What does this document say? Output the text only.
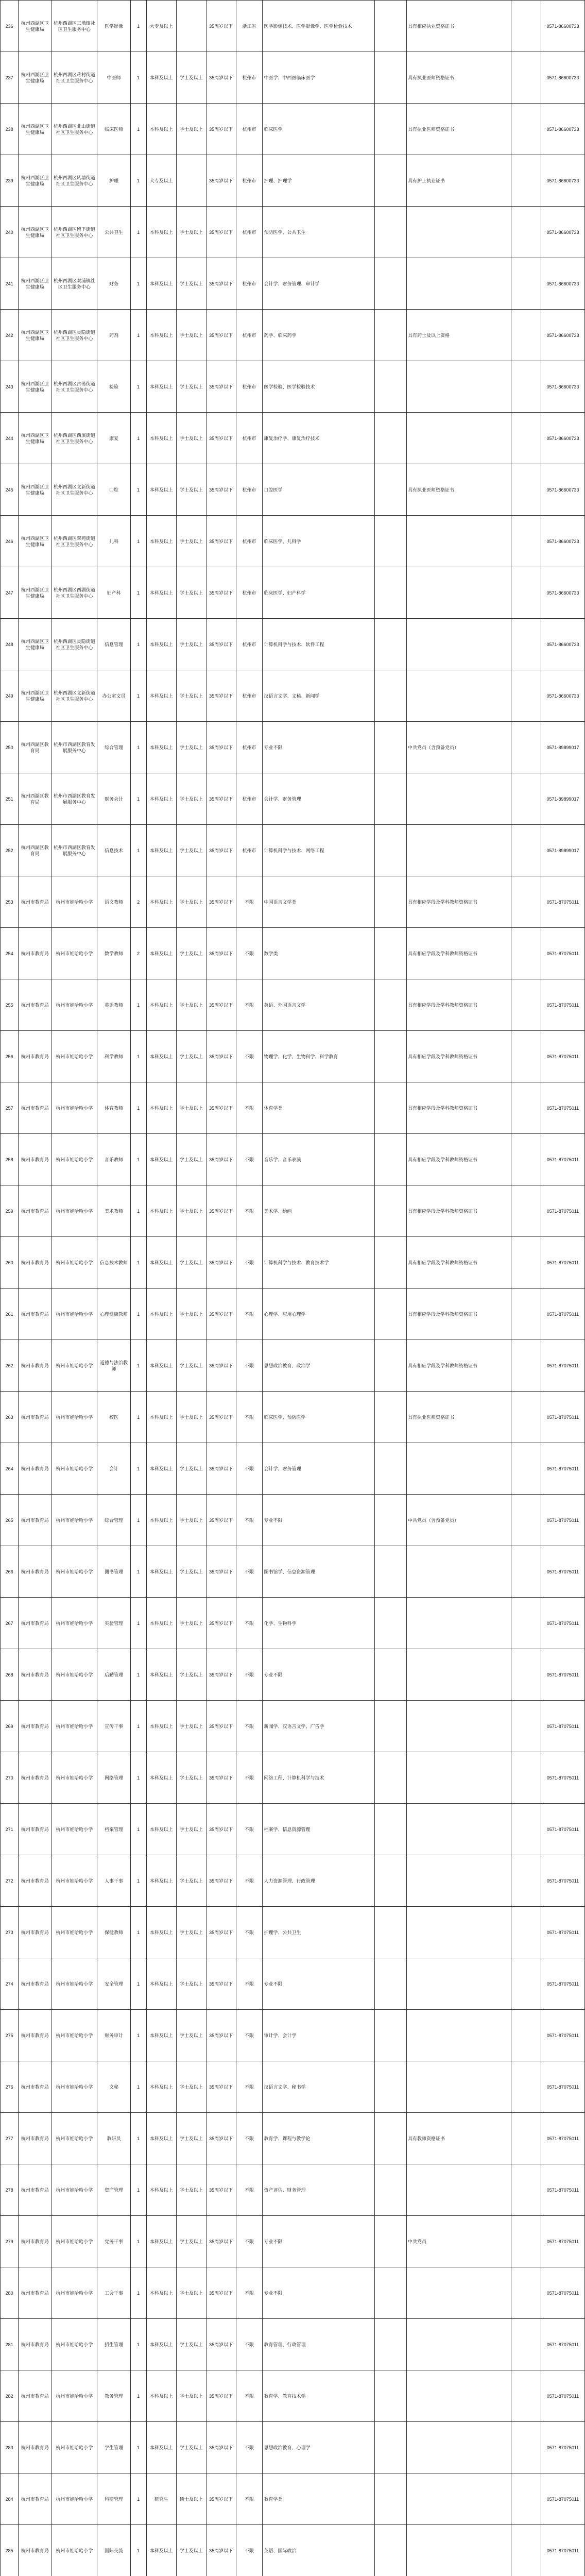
236	杭州西湖区卫生健康局	杭州西湖区三墩镇社区卫生服务中心	医学影像	1	大专及以上		35周岁以下	浙江省	医学影像技术、医学影像学、医学检验技术		具有相应执业资格证书		0571-86600733
237	杭州西湖区卫生健康局	杭州西湖区蒋村街道社区卫生服务中心	中医师	1	本科及以上	学士及以上	35周岁以下	杭州市	中医学、中西医临床医学		具有执业医师资格证书		0571-86600733
238	杭州西湖区卫生健康局	杭州西湖区北山街道社区卫生服务中心	临床医师	1	本科及以上	学士及以上	35周岁以下	杭州市	临床医学		具有执业医师资格证书		0571-86600733
239	杭州西湖区卫生健康局	杭州西湖区转塘街道社区卫生服务中心	护理	1	大专及以上		35周岁以下	杭州市	护理、护理学		具有护士执业证书		0571-86600733
240	杭州西湖区卫生健康局	杭州西湖区留下街道社区卫生服务中心	公共卫生	1	本科及以上	学士及以上	35周岁以下	杭州市	预防医学、公共卫生				0571-86600733
241	杭州西湖区卫生健康局	杭州西湖区双浦镇社区卫生服务中心	财务	1	本科及以上	学士及以上	35周岁以下	杭州市	会计学、财务管理、审计学				0571-86600733
242	杭州西湖区卫生健康局	杭州西湖区灵隐街道社区卫生服务中心	药剂	1	本科及以上	学士及以上	35周岁以下	杭州市	药学、临床药学		具有药士及以上资格		0571-86600733
243	杭州西湖区卫生健康局	杭州西湖区古荡街道社区卫生服务中心	检验	1	本科及以上	学士及以上	35周岁以下	杭州市	医学检验、医学检验技术				0571-86600733
244	杭州西湖区卫生健康局	杭州西湖区西溪街道社区卫生服务中心	康复	1	本科及以上	学士及以上	35周岁以下	杭州市	康复治疗学、康复治疗技术				0571-86600733
245	杭州西湖区卫生健康局	杭州西湖区文新街道社区卫生服务中心	口腔	1	本科及以上	学士及以上	35周岁以下	杭州市	口腔医学		具有执业医师资格证书		0571-86600733
246	杭州西湖区卫生健康局	杭州西湖区翠苑街道社区卫生服务中心	儿科	1	本科及以上	学士及以上	35周岁以下	杭州市	临床医学、儿科学				0571-86600733
247	杭州西湖区卫生健康局	杭州西湖区西湖街道社区卫生服务中心	妇产科	1	本科及以上	学士及以上	35周岁以下	杭州市	临床医学、妇产科学				0571-86600733
248	杭州西湖区卫生健康局	杭州西湖区灵隐街道社区卫生服务中心	信息管理	1	本科及以上	学士及以上	35周岁以下	杭州市	计算机科学与技术、软件工程				0571-86600733
249	杭州西湖区卫生健康局	杭州西湖区文新街道社区卫生服务中心	办公室文员	1	本科及以上	学士及以上	35周岁以下	杭州市	汉语言文学、文秘、新闻学				0571-86600733
250	杭州西湖区教育局	杭州市西湖区教育发展服务中心	综合管理	1	本科及以上	学士及以上	35周岁以下	杭州市	专业不限		中共党员（含预备党员）		0571-89899017
251	杭州西湖区教育局	杭州市西湖区教育发展服务中心	财务会计	1	本科及以上	学士及以上	35周岁以下	杭州市	会计学、财务管理				0571-89899017
252	杭州西湖区教育局	杭州市西湖区教育发展服务中心	信息技术	1	本科及以上	学士及以上	35周岁以下	杭州市	计算机科学与技术、网络工程				0571-89899017
253	杭州市教育局	杭州市娃哈哈小学	语文教师	2	本科及以上	学士及以上	35周岁以下	不限	中国语言文学类		具有相应学段及学科教师资格证书		0571-87075011
254	杭州市教育局	杭州市娃哈哈小学	数学教师	2	本科及以上	学士及以上	35周岁以下	不限	数学类		具有相应学段及学科教师资格证书		0571-87075011
255	杭州市教育局	杭州市娃哈哈小学	英语教师	1	本科及以上	学士及以上	35周岁以下	不限	英语、外国语言文学		具有相应学段及学科教师资格证书		0571-87075011
256	杭州市教育局	杭州市娃哈哈小学	科学教师	1	本科及以上	学士及以上	35周岁以下	不限	物理学、化学、生物科学、科学教育		具有相应学段及学科教师资格证书		0571-87075011
257	杭州市教育局	杭州市娃哈哈小学	体育教师	1	本科及以上	学士及以上	35周岁以下	不限	体育学类		具有相应学段及学科教师资格证书		0571-87075011
258	杭州市教育局	杭州市娃哈哈小学	音乐教师	1	本科及以上	学士及以上	35周岁以下	不限	音乐学、音乐表演		具有相应学段及学科教师资格证书		0571-87075011
259	杭州市教育局	杭州市娃哈哈小学	美术教师	1	本科及以上	学士及以上	35周岁以下	不限	美术学、绘画		具有相应学段及学科教师资格证书		0571-87075011
260	杭州市教育局	杭州市娃哈哈小学	信息技术教师	1	本科及以上	学士及以上	35周岁以下	不限	计算机科学与技术、教育技术学		具有相应学段及学科教师资格证书		0571-87075011
261	杭州市教育局	杭州市娃哈哈小学	心理健康教师	1	本科及以上	学士及以上	35周岁以下	不限	心理学、应用心理学		具有相应学段及学科教师资格证书		0571-87075011
262	杭州市教育局	杭州市娃哈哈小学	道德与法治教师	1	本科及以上	学士及以上	35周岁以下	不限	思想政治教育、政治学		具有相应学段及学科教师资格证书		0571-87075011
263	杭州市教育局	杭州市娃哈哈小学	校医	1	本科及以上	学士及以上	35周岁以下	不限	临床医学、预防医学		具有执业医师资格证书		0571-87075011
264	杭州市教育局	杭州市娃哈哈小学	会计	1	本科及以上	学士及以上	35周岁以下	不限	会计学、财务管理				0571-87075011
265	杭州市教育局	杭州市娃哈哈小学	综合管理	1	本科及以上	学士及以上	35周岁以下	不限	专业不限		中共党员（含预备党员）		0571-87075011
266	杭州市教育局	杭州市娃哈哈小学	图书管理	1	本科及以上	学士及以上	35周岁以下	不限	图书馆学、信息资源管理				0571-87075011
267	杭州市教育局	杭州市娃哈哈小学	实验管理	1	本科及以上	学士及以上	35周岁以下	不限	化学、生物科学				0571-87075011
268	杭州市教育局	杭州市娃哈哈小学	后勤管理	1	本科及以上	学士及以上	35周岁以下	不限	专业不限				0571-87075011
269	杭州市教育局	杭州市娃哈哈小学	宣传干事	1	本科及以上	学士及以上	35周岁以下	不限	新闻学、汉语言文学、广告学				0571-87075011
270	杭州市教育局	杭州市娃哈哈小学	网络管理	1	本科及以上	学士及以上	35周岁以下	不限	网络工程、计算机科学与技术				0571-87075011
271	杭州市教育局	杭州市娃哈哈小学	档案管理	1	本科及以上	学士及以上	35周岁以下	不限	档案学、信息资源管理				0571-87075011
272	杭州市教育局	杭州市娃哈哈小学	人事干事	1	本科及以上	学士及以上	35周岁以下	不限	人力资源管理、行政管理				0571-87075011
273	杭州市教育局	杭州市娃哈哈小学	保健教师	1	本科及以上	学士及以上	35周岁以下	不限	护理学、公共卫生				0571-87075011
274	杭州市教育局	杭州市娃哈哈小学	安全管理	1	本科及以上	学士及以上	35周岁以下	不限	专业不限				0571-87075011
275	杭州市教育局	杭州市娃哈哈小学	财务审计	1	本科及以上	学士及以上	35周岁以下	不限	审计学、会计学				0571-87075011
276	杭州市教育局	杭州市娃哈哈小学	文秘	1	本科及以上	学士及以上	35周岁以下	不限	汉语言文学、秘书学				0571-87075011
277	杭州市教育局	杭州市娃哈哈小学	教研员	1	本科及以上	学士及以上	35周岁以下	不限	教育学、课程与教学论		具有教师资格证书		0571-87075011
278	杭州市教育局	杭州市娃哈哈小学	资产管理	1	本科及以上	学士及以上	35周岁以下	不限	资产评估、财务管理				0571-87075011
279	杭州市教育局	杭州市娃哈哈小学	党务干事	1	本科及以上	学士及以上	35周岁以下	不限	专业不限		中共党员		0571-87075011
280	杭州市教育局	杭州市娃哈哈小学	工会干事	1	本科及以上	学士及以上	35周岁以下	不限	专业不限				0571-87075011
281	杭州市教育局	杭州市娃哈哈小学	招生管理	1	本科及以上	学士及以上	35周岁以下	不限	教育管理、行政管理				0571-87075011
282	杭州市教育局	杭州市娃哈哈小学	教务管理	1	本科及以上	学士及以上	35周岁以下	不限	教育学、教育技术学				0571-87075011
283	杭州市教育局	杭州市娃哈哈小学	学生管理	1	本科及以上	学士及以上	35周岁以下	不限	思想政治教育、心理学				0571-87075011
284	杭州市教育局	杭州市娃哈哈小学	科研管理	1	研究生	硕士及以上	35周岁以下	不限	教育学类				0571-87075011
285	杭州市教育局	杭州市娃哈哈小学	国际交流	1	本科及以上	学士及以上	35周岁以下	不限	英语、国际政治				0571-87075011
